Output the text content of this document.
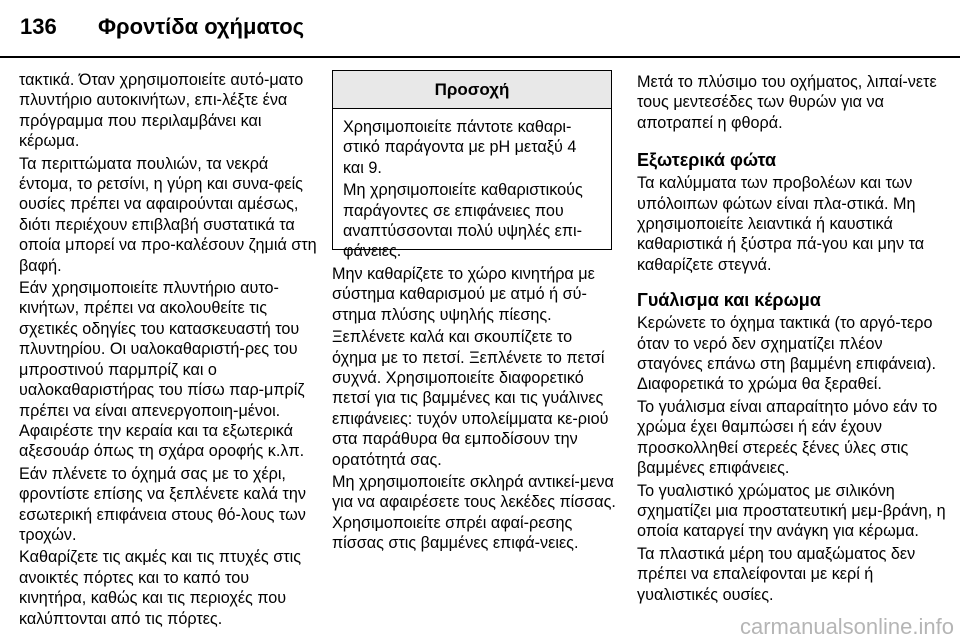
136 Φροντίδα οχήματος

τακτικά. Όταν χρησιμοποιείτε αυτό-ματο πλυντήριο αυτοκινήτων, επι-λέξτε ένα πρόγραμμα που περιλαμβάνει και κέρωμα.

Τα περιττώματα πουλιών, τα νεκρά έντομα, το ρετσίνι, η γύρη και συνα-φείς ουσίες πρέπει να αφαιρούνται αμέσως, διότι περιέχουν επιβλαβή συστατικά τα οποία μπορεί να προ-καλέσουν ζημιά στη βαφή.

Εάν χρησιμοποιείτε πλυντήριο αυτο-κινήτων, πρέπει να ακολουθείτε τις σχετικές οδηγίες του κατασκευαστή του πλυντηρίου. Οι υαλοκαθαριστή-ρες του μπροστινού παρμπρίζ και ο υαλοκαθαριστήρας του πίσω παρ-μπρίζ πρέπει να είναι απενεργοποιη-μένοι. Αφαιρέστε την κεραία και τα εξωτερικά αξεσουάρ όπως τη σχάρα οροφής κ.λπ.

Εάν πλένετε το όχημά σας με το χέρι, φροντίστε επίσης να ξεπλένετε καλά την εσωτερική επιφάνεια στους θό-λους των τροχών.

Καθαρίζετε τις ακμές και τις πτυχές στις ανοικτές πόρτες και το καπό του κινητήρα, καθώς και τις περιοχές που καλύπτονται από τις πόρτες.

Προσοχή

Χρησιμοποιείτε πάντοτε καθαρι-στικό παράγοντα με pH μεταξύ 4 και 9.

Μη χρησιμοποιείτε καθαριστικούς παράγοντες σε επιφάνειες που αναπτύσσονται πολύ υψηλές επι-φάνειες.

Μην καθαρίζετε το χώρο κινητήρα με σύστημα καθαρισμού με ατμό ή σύ-στημα πλύσης υψηλής πίεσης.

Ξεπλένετε καλά και σκουπίζετε το όχημα με το πετσί. Ξεπλένετε το πετσί συχνά. Χρησιμοποιείτε διαφορετικό πετσί για τις βαμμένες και τις γυάλινες επιφάνειες: τυχόν υπολείμματα κε-ριού στα παράθυρα θα εμποδίσουν την ορατότητά σας.

Μη χρησιμοποιείτε σκληρά αντικεί-μενα για να αφαιρέσετε τους λεκέδες πίσσας. Χρησιμοποιείτε σπρέι αφαί-ρεσης πίσσας στις βαμμένες επιφά-νειες.

Μετά το πλύσιμο του οχήματος, λιπαί-νετε τους μεντεσέδες των θυρών για να αποτραπεί η φθορά.

Εξωτερικά φώτα

Τα καλύμματα των προβολέων και των υπόλοιπων φώτων είναι πλα-στικά. Μη χρησιμοποιείτε λειαντικά ή καυστικά καθαριστικά ή ξύστρα πά-γου και μην τα καθαρίζετε στεγνά.

Γυάλισμα και κέρωμα

Κερώνετε το όχημα τακτικά (το αργό-τερο όταν το νερό δεν σχηματίζει πλέον σταγόνες επάνω στη βαμμένη επιφάνεια). Διαφορετικά το χρώμα θα ξεραθεί.

Το γυάλισμα είναι απαραίτητο μόνο εάν το χρώμα έχει θαμπώσει ή εάν έχουν προσκολληθεί στερεές ξένες ύλες στις βαμμένες επιφάνειες.

Το γυαλιστικό χρώματος με σιλικόνη σχηματίζει μια προστατευτική μεμ-βράνη, η οποία καταργεί την ανάγκη για κέρωμα.

Τα πλαστικά μέρη του αμαξώματος δεν πρέπει να επαλείφονται με κερί ή γυαλιστικές ουσίες.

carmanualsonline.info
